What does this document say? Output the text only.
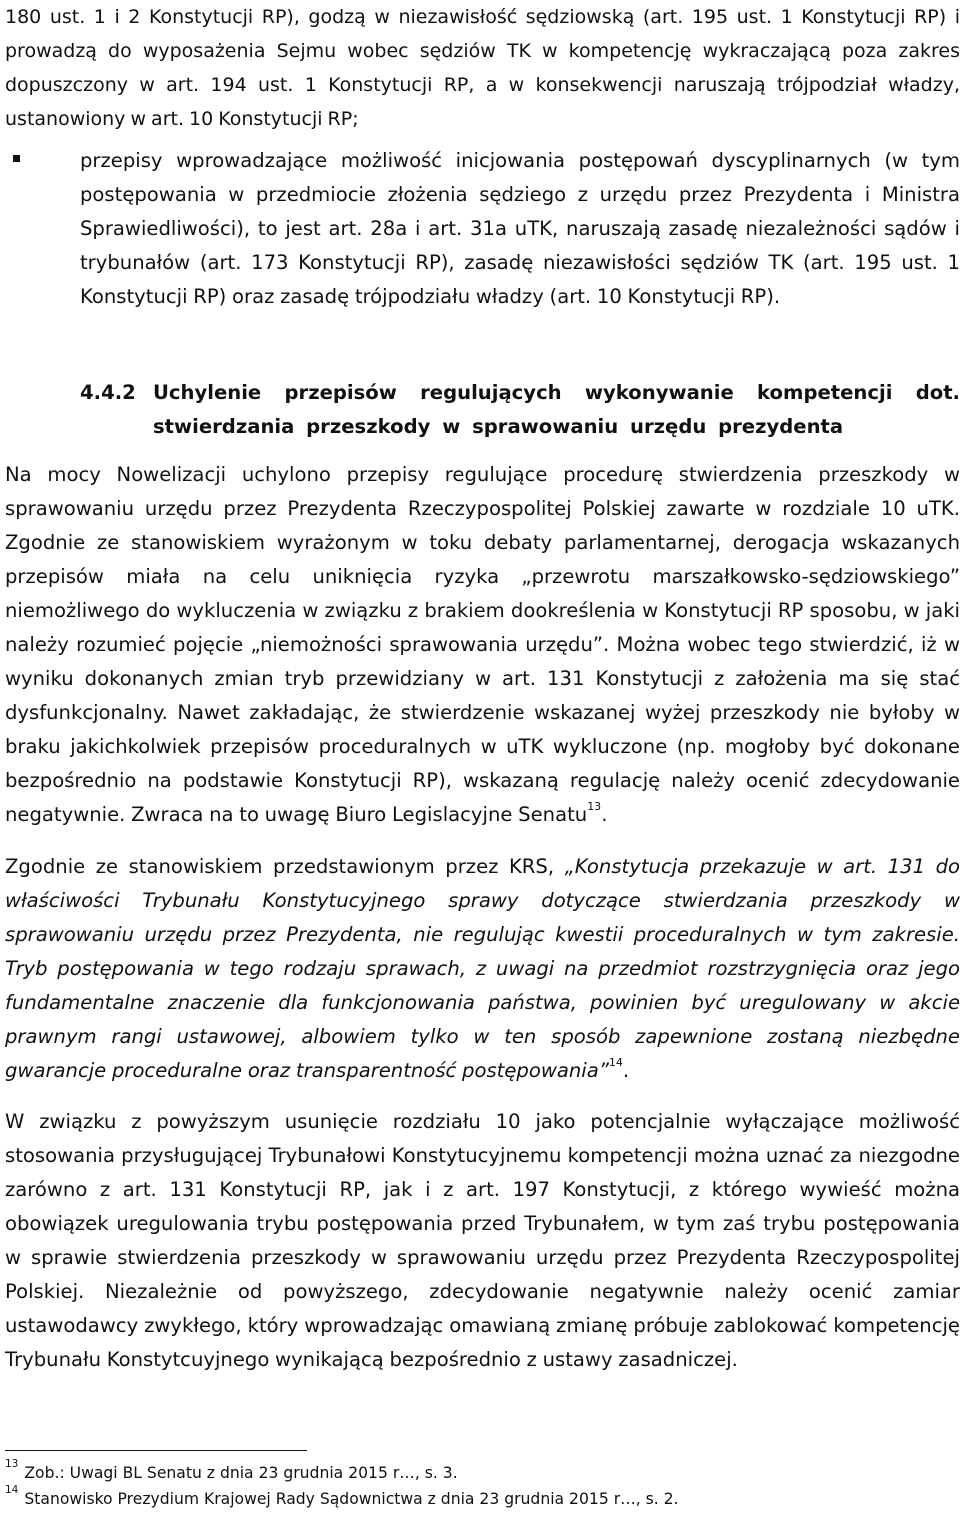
180 ust. 1 i 2 Konstytucji RP), godzą w niezawisłość sędziowską (art. 195 ust. 1 Konstytucji RP) i prowadzą do wyposażenia Sejmu wobec sędziów TK w kompetencję wykraczającą poza zakres dopuszczony w art. 194 ust. 1 Konstytucji RP, a w konsekwencji naruszają trójpodział władzy, ustanowiony w art. 10 Konstytucji RP;
przepisy wprowadzające możliwość inicjowania postępowań dyscyplinarnych (w tym postępowania w przedmiocie złożenia sędziego z urzędu przez Prezydenta i Ministra Sprawiedliwości), to jest art. 28a i art. 31a uTK, naruszają zasadę niezależności sądów i trybunałów (art. 173 Konstytucji RP), zasadę niezawisłości sędziów TK (art. 195 ust. 1 Konstytucji RP) oraz zasadę trójpodziału władzy (art. 10 Konstytucji RP).
4.4.2 Uchylenie przepisów regulujących wykonywanie kompetencji dot. stwierdzania przeszkody w sprawowaniu urzędu prezydenta
Na mocy Nowelizacji uchylono przepisy regulujące procedurę stwierdzenia przeszkody w sprawowaniu urzędu przez Prezydenta Rzeczypospolitej Polskiej zawarte w rozdziale 10 uTK. Zgodnie ze stanowiskiem wyrażonym w toku debaty parlamentarnej, derogacja wskazanych przepisów miała na celu uniknięcia ryzyka „przewrotu marszałkowsko-sędziowskiego” niemożliwego do wykluczenia w związku z brakiem dookreślenia w Konstytucji RP sposobu, w jaki należy rozumieć pojęcie „niemożności sprawowania urzędu”. Można wobec tego stwierdzić, iż w wyniku dokonanych zmian tryb przewidziany w art. 131 Konstytucji z założenia ma się stać dysfunkcjonalny. Nawet zakładając, że stwierdzenie wskazanej wyżej przeszkody nie byłoby w braku jakichkolwiek przepisów proceduralnych w uTK wykluczone (np. mogłoby być dokonane bezpośrednio na podstawie Konstytucji RP), wskazaną regulację należy ocenić zdecydowanie negatywnie. Zwraca na to uwagę Biuro Legislacyjne Senatu$^{13}$.
Zgodnie ze stanowiskiem przedstawionym przez KRS, „Konstytucja przekazuje w art. 131 do właściwości Trybunału Konstytucyjnego sprawy dotyczące stwierdzania przeszkody w sprawowaniu urzędu przez Prezydenta, nie regulując kwestii proceduralnych w tym zakresie. Tryb postępowania w tego rodzaju sprawach, z uwagi na przedmiot rozstrzygnięcia oraz jego fundamentalne znaczenie dla funkcjonowania państwa, powinien być uregulowany w akcie prawnym rangi ustawowej, albowiem tylko w ten sposób zapewnione zostaną niezbędne gwarancje proceduralne oraz transparentność postępowania”$^{14}$.
W związku z powyższym usunięcie rozdziału 10 jako potencjalnie wyłączające możliwość stosowania przysługującej Trybunałowi Konstytucyjnemu kompetencji można uznać za niezgodne zarówno z art. 131 Konstytucji RP, jak i z art. 197 Konstytucji, z którego wywieść można obowiązek uregulowania trybu postępowania przed Trybunałem, w tym zaś trybu postępowania w sprawie stwierdzenia przeszkody w sprawowaniu urzędu przez Prezydenta Rzeczypospolitej Polskiej. Niezależnie od powyższego, zdecydowanie negatywnie należy ocenić zamiar ustawodawcy zwykłego, który wprowadzając omawianą zmianę próbuje zablokować kompetencję Trybunału Konstytcuyjnego wynikającą bezpośrednio z ustawy zasadniczej.
$^{13}$Zob.: Uwagi BL Senatu z dnia 23 grudnia 2015 r…, s. 3.
$^{14}$Stanowisko Prezydium Krajowej Rady Sądownictwa z dnia 23 grudnia 2015 r…, s. 2.
